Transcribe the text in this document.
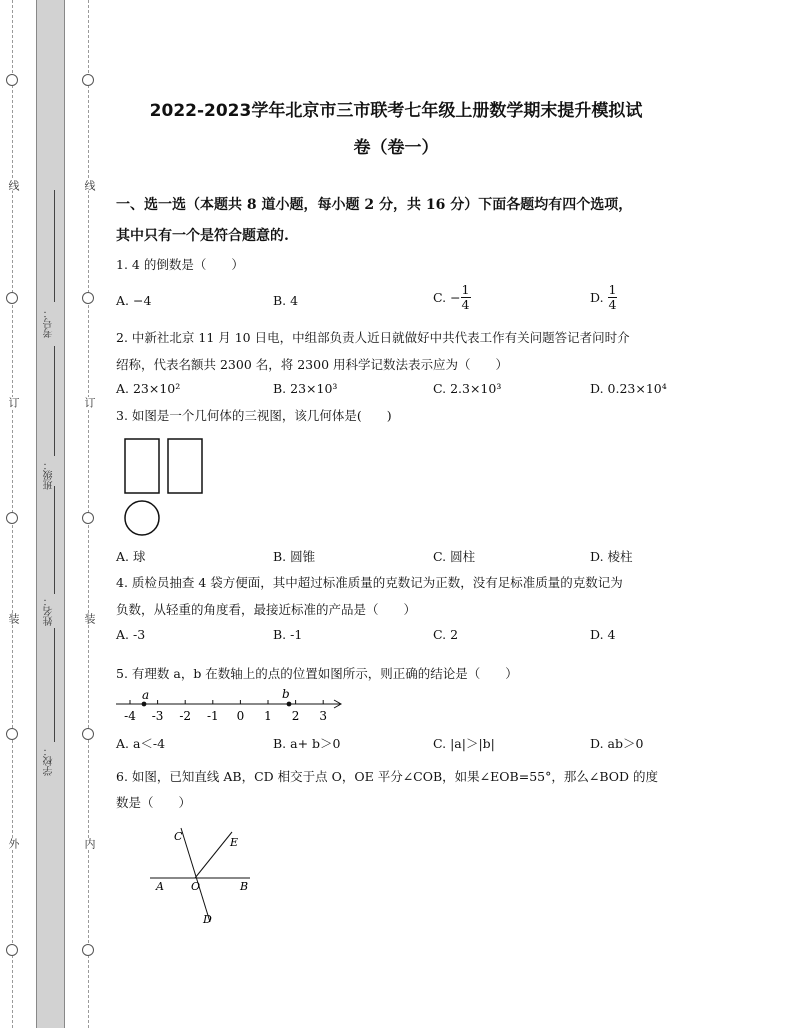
线
订
装
外
线
订
装
内
考号：
班级：
姓名：
学校：
2022-2023学年北京市三市联考七年级上册数学期末提升模拟试
卷（卷一）
一、选一选（本题共 8 道小题，每小题 2 分，共 16 分）下面各题均有四个选项，
其中只有一个是符合题意的.
1. 4 的倒数是（　　）
A. −4	B. 4	C. − $\frac{1}{4}$	D. $\frac{1}{4}$
2. 中新社北京 11 月 10 日电，中组部负责人近日就做好中共代表工作有关问题答记者问时介
绍称，代表名额共 2300 名，将 2300 用科学记数法表示应为（　　）
A. 23×10²	B. 23×10³	C. 2.3×10³	D. 0.23×10⁴
3. 如图是一个几何体的三视图，该几何体是(　　)
A. 球	B. 圆锥	C. 圆柱	D. 棱柱
4. 质检员抽查 4 袋方便面，其中超过标准质量的克数记为正数，没有足标准质量的克数记为
负数，从轻重的角度看，最接近标准的产品是（　　）
A. -3	B. -1	C. 2	D. 4
5. 有理数 a，b 在数轴上的点的位置如图所示，则正确的结论是（　　）
-4 -3 -2 -1 0 1 2 3
a	b
A. a＜-4	B. a+ b＞0	C. |a|＞|b|	D. ab＞0
6. 如图，已知直线 AB，CD 相交于点 O，OE 平分∠COB，如果∠EOB=55°，那么∠BOD 的度
数是（　　）
C	E
A O	B
D
